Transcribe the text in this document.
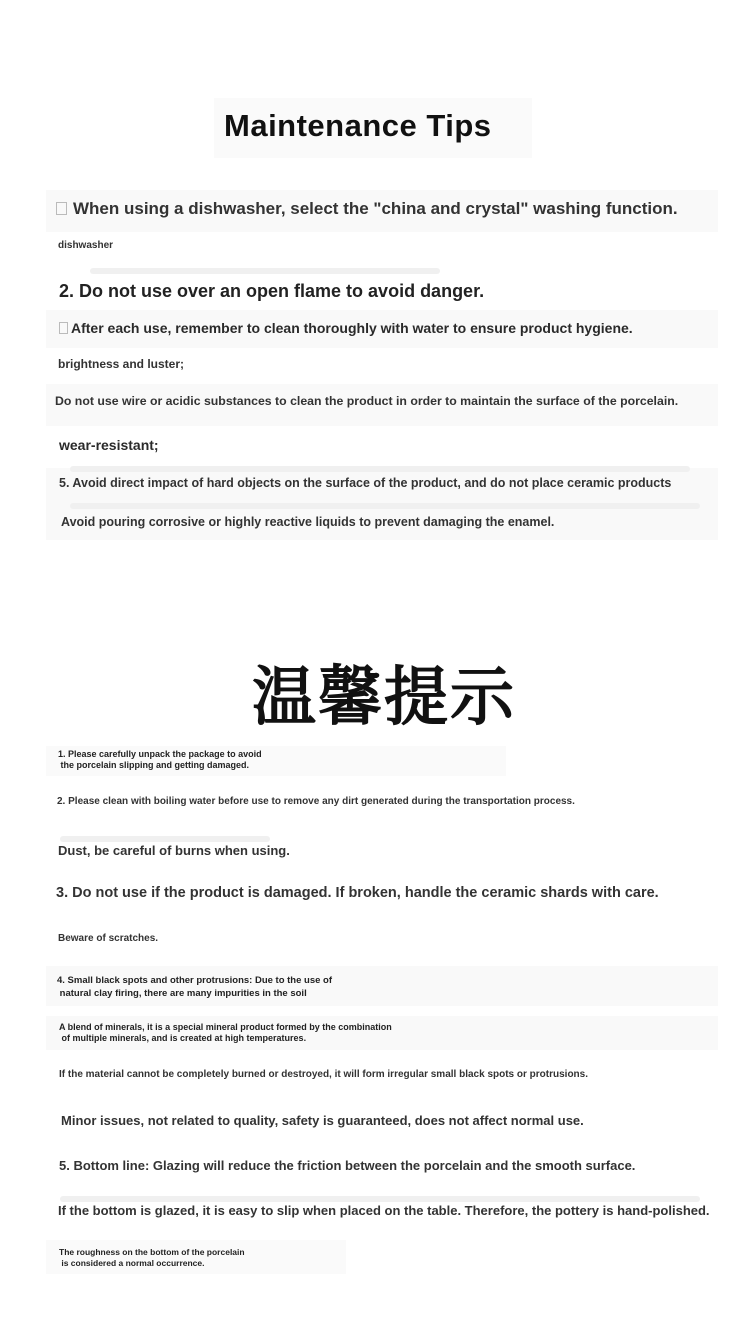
Maintenance Tips
When using a dishwasher, select the "china and crystal" washing function.
dishwasher
2. Do not use over an open flame to avoid danger.
After each use, remember to clean thoroughly with water to ensure product hygiene.
brightness and luster;
Do not use wire or acidic substances to clean the product in order to maintain the surface of the porcelain.
wear-resistant;
5. Avoid direct impact of hard objects on the surface of the product, and do not place ceramic products
Avoid pouring corrosive or highly reactive liquids to prevent damaging the enamel.
温馨提示
1. Please carefully unpack the package to avoid
the porcelain slipping and getting damaged.
2. Please clean with boiling water before use to remove any dirt generated during the transportation process.
Dust, be careful of burns when using.
3. Do not use if the product is damaged. If broken, handle the ceramic shards with care.
Beware of scratches.
4. Small black spots and other protrusions: Due to the use of
natural clay firing, there are many impurities in the soil
A blend of minerals, it is a special mineral product formed by the combination
of multiple minerals, and is created at high temperatures.
If the material cannot be completely burned or destroyed, it will form irregular small black spots or protrusions.
Minor issues, not related to quality, safety is guaranteed, does not affect normal use.
5. Bottom line: Glazing will reduce the friction between the porcelain and the smooth surface.
If the bottom is glazed, it is easy to slip when placed on the table. Therefore, the pottery is hand-polished.
The roughness on the bottom of the porcelain
is considered a normal occurrence.
